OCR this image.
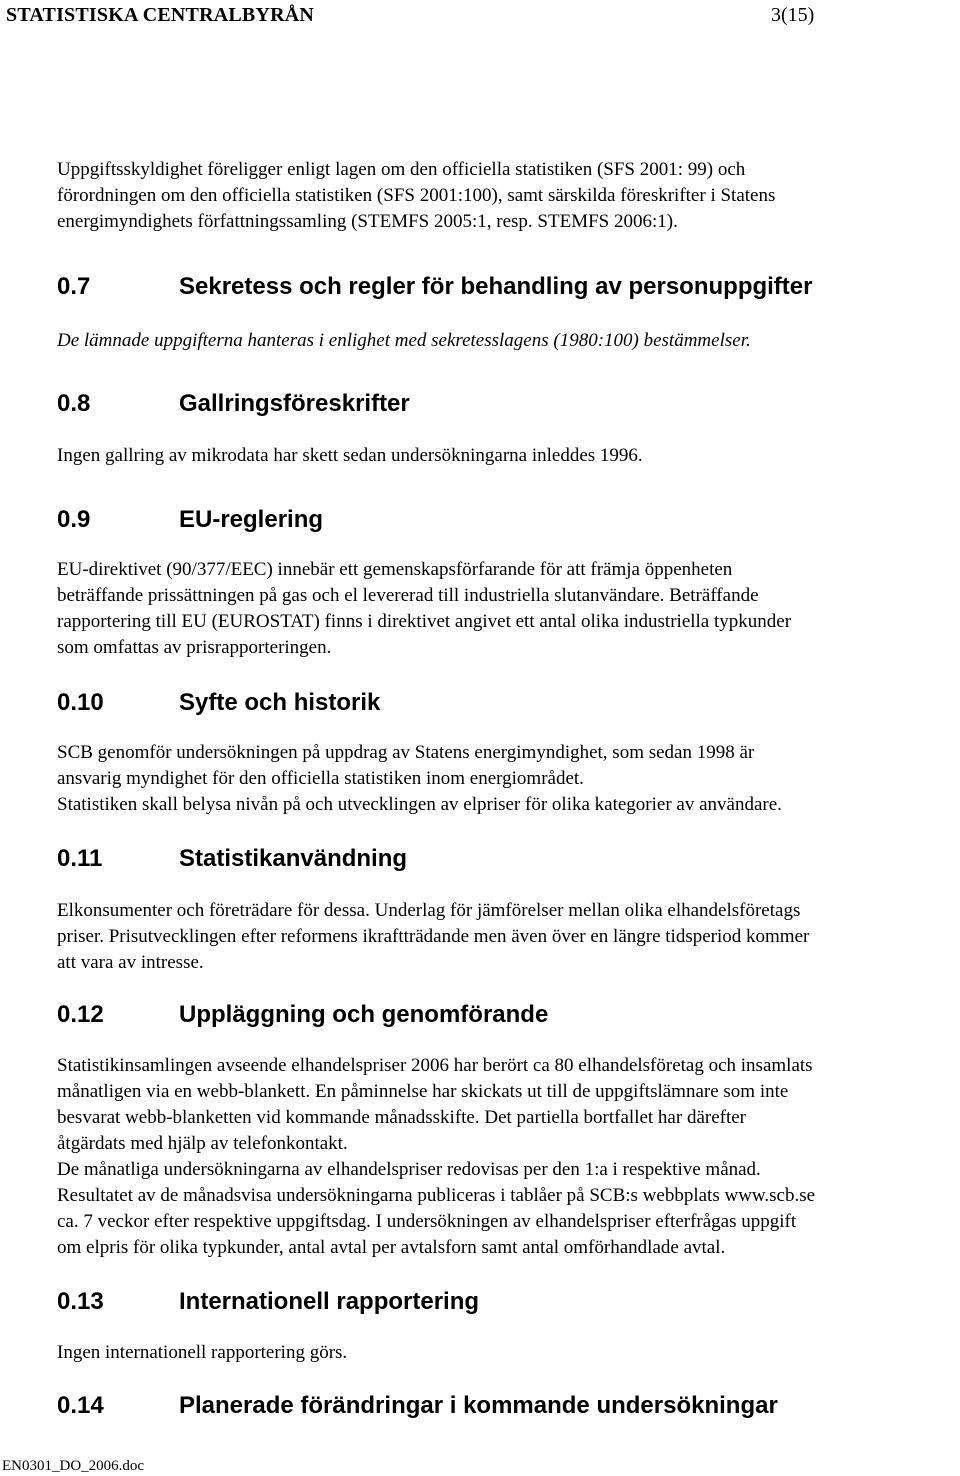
STATISTISKA CENTRALBYRÅN	3(15)
Uppgiftsskyldighet föreligger enligt lagen om den officiella statistiken (SFS 2001: 99) och
förordningen om den officiella statistiken (SFS 2001:100), samt särskilda föreskrifter i Statens
energimyndighets författningssamling (STEMFS 2005:1, resp. STEMFS 2006:1).
0.7	Sekretess och regler för behandling av personuppgifter
De lämnade uppgifterna hanteras i enlighet med sekretesslagens (1980:100) bestämmelser.
0.8	Gallringsföreskrifter
Ingen gallring av mikrodata har skett sedan undersökningarna inleddes 1996.
0.9	EU-reglering
EU-direktivet (90/377/EEC) innebär ett gemenskapsförfarande för att främja öppenheten
beträffande prissättningen på gas och el levererad till industriella slutanvändare. Beträffande
rapportering till EU (EUROSTAT) finns i direktivet angivet ett antal olika industriella typkunder
som omfattas av prisrapporteringen.
0.10	Syfte och historik
SCB genomför undersökningen på uppdrag av Statens energimyndighet, som sedan 1998 är
ansvarig myndighet för den officiella statistiken inom energiområdet.
Statistiken skall belysa nivån på och utvecklingen av elpriser för olika kategorier av användare.
0.11	Statistikanvändning
Elkonsumenter och företrädare för dessa. Underlag för jämförelser mellan olika elhandelsföretags
priser. Prisutvecklingen efter reformens ikraftträdande men även över en längre tidsperiod kommer
att vara av intresse.
0.12	Uppläggning och genomförande
Statistikinsamlingen avseende elhandelspriser 2006 har berört ca 80 elhandelsföretag och insamlats
månatligen via en webb-blankett. En påminnelse har skickats ut till de uppgiftslämnare som inte
besvarat webb-blanketten vid kommande månadsskifte. Det partiella bortfallet har därefter
åtgärdats med hjälp av telefonkontakt.
De månatliga undersökningarna av elhandelspriser redovisas per den 1:a i respektive månad.
Resultatet av de månadsvisa undersökningarna publiceras i tablåer på SCB:s webbplats www.scb.se
ca. 7 veckor efter respektive uppgiftsdag. I undersökningen av elhandelspriser efterfrågas uppgift
om elpris för olika typkunder, antal avtal per avtalsforn samt antal omförhandlade avtal.
0.13	Internationell rapportering
Ingen internationell rapportering görs.
0.14	Planerade förändringar i kommande undersökningar
EN0301_DO_2006.doc
